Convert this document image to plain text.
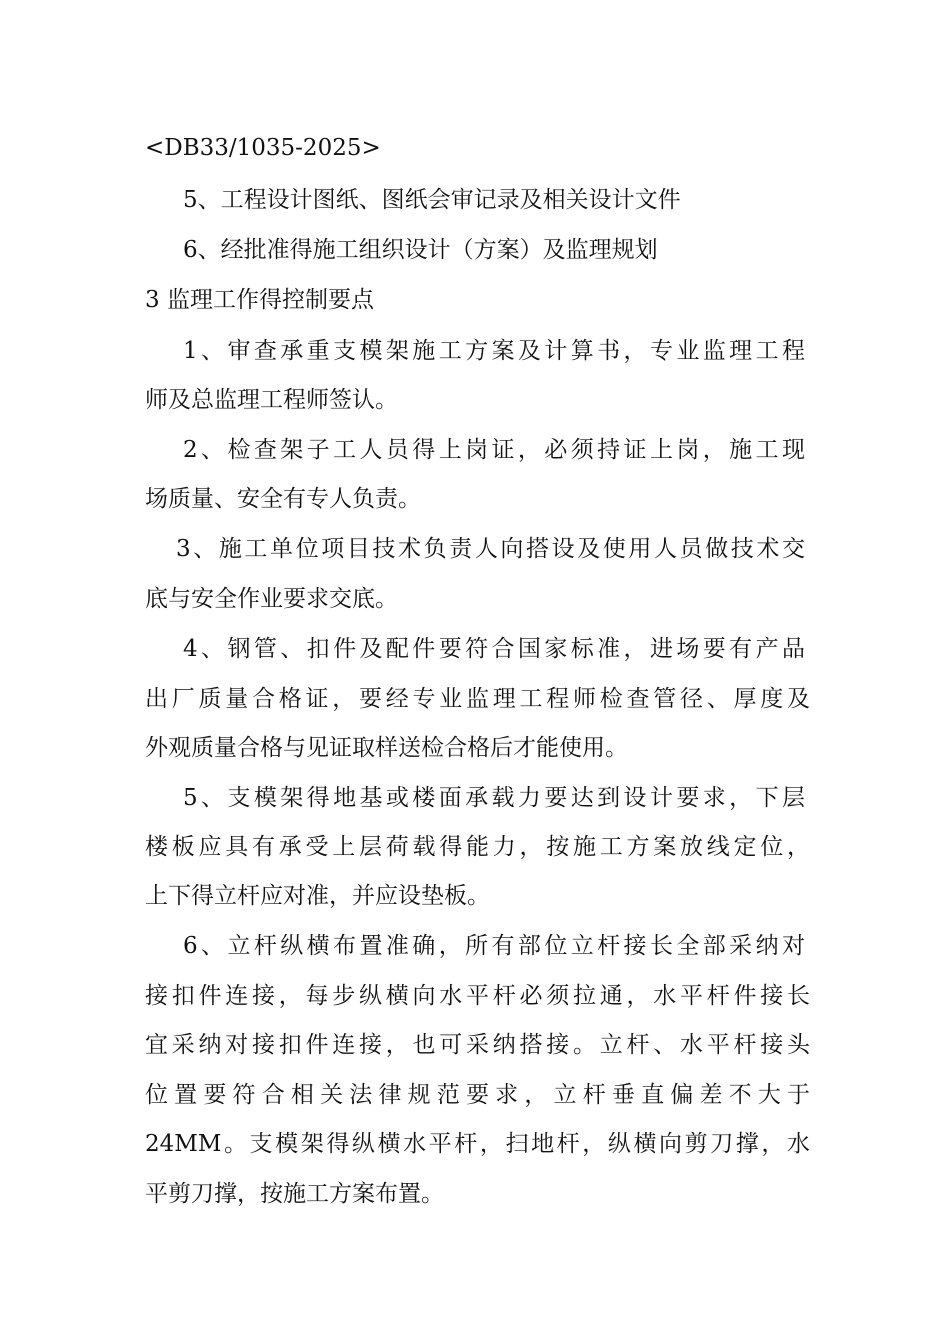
<DB33/1035-2025>
5、工程设计图纸、图纸会审记录及相关设计文件
6、经批准得施工组织设计（方案）及监理规划
3 监理工作得控制要点
1、审查承重支模架施工方案及计算书，专业监理工程
师及总监理工程师签认。
2、检查架子工人员得上岗证，必须持证上岗，施工现
场质量、安全有专人负责。
3、施工单位项目技术负责人向搭设及使用人员做技术交
底与安全作业要求交底。
4、钢管、扣件及配件要符合国家标准，进场要有产品
出厂质量合格证，要经专业监理工程师检查管径、厚度及
外观质量合格与见证取样送检合格后才能使用。
5、支模架得地基或楼面承载力要达到设计要求，下层
楼板应具有承受上层荷载得能力，按施工方案放线定位，
上下得立杆应对准，并应设垫板。
6、立杆纵横布置准确，所有部位立杆接长全部采纳对
接扣件连接，每步纵横向水平杆必须拉通，水平杆件接长
宜采纳对接扣件连接，也可采纳搭接。立杆、水平杆接头
位置要符合相关法律规范要求，立杆垂直偏差不大于
24MM。支模架得纵横水平杆，扫地杆，纵横向剪刀撑，水
平剪刀撑，按施工方案布置。
